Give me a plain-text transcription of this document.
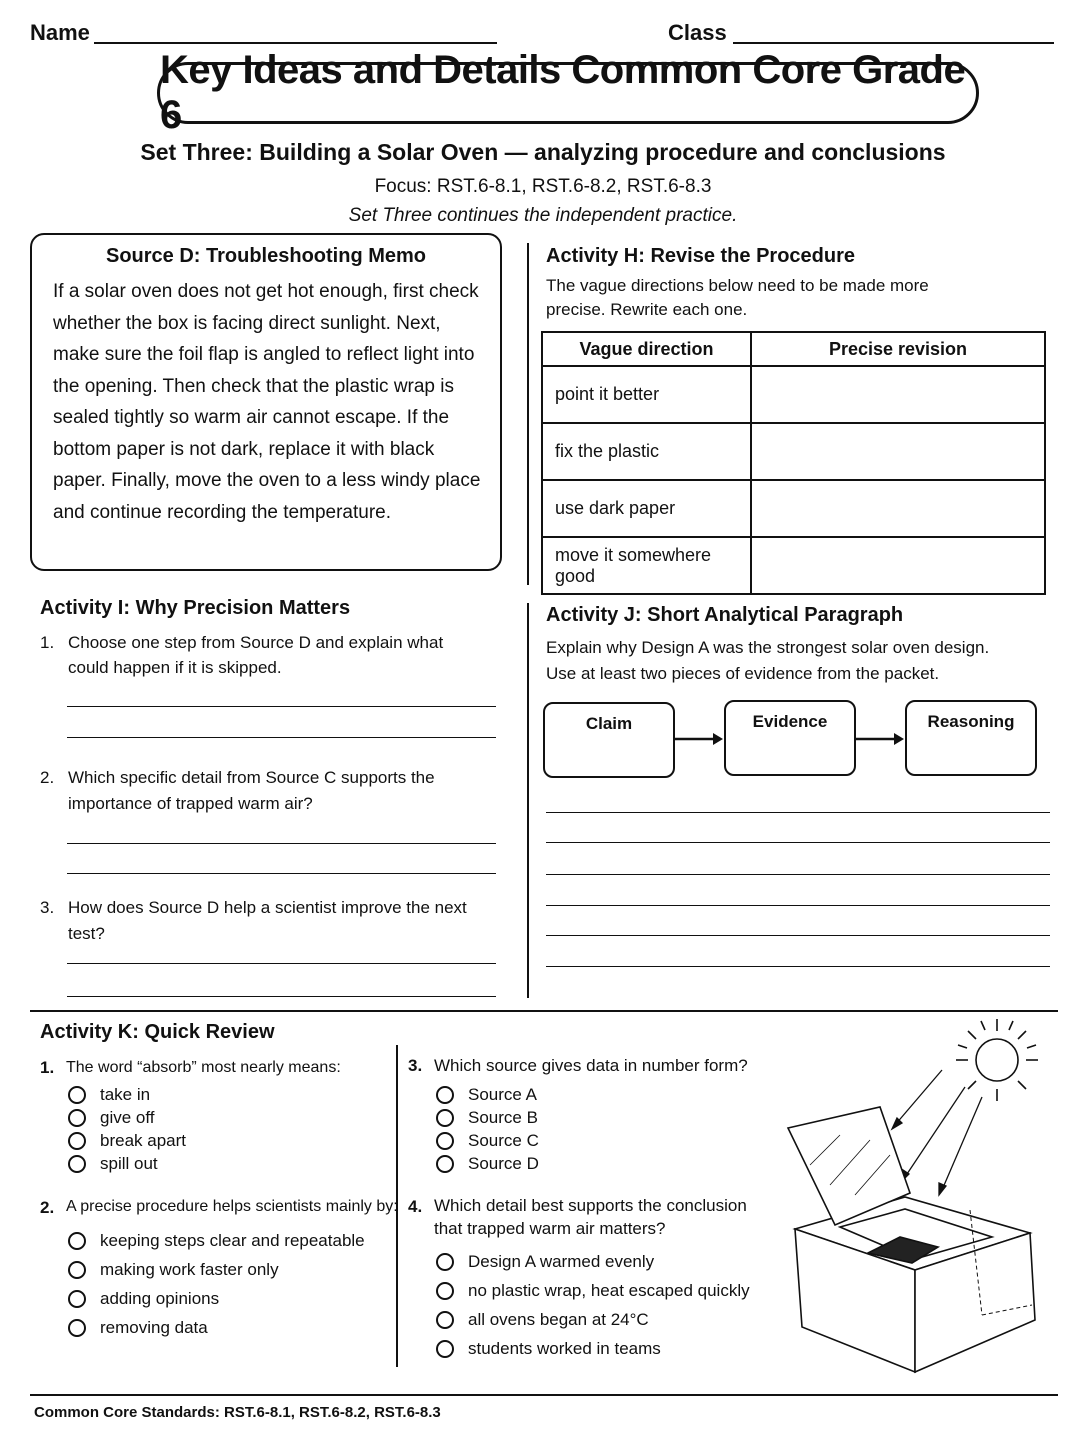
Name	Class
Key Ideas and Details Common Core Grade 6
Set Three: Building a Solar Oven — analyzing procedure and conclusions
Focus: RST.6-8.1, RST.6-8.2, RST.6-8.3
Set Three continues the independent practice.
Source D: Troubleshooting Memo

If a solar oven does not get hot enough, first check whether the box is facing direct sunlight. Next, make sure the foil flap is angled to reflect light into the opening. Then check that the plastic wrap is sealed tightly so warm air cannot escape. If the bottom paper is not dark, replace it with black paper. Finally, move the oven to a less windy place and continue recording the temperature.

Activity H: Revise the Procedure
The vague directions below need to be made more precise. Rewrite each one.
Vague direction	Precise revision
point it better	
fix the plastic	
use dark paper	
move it somewhere good	
Activity I: Why Precision Matters
1. Choose one step from Source D and explain what could happen if it is skipped.
2. Which specific detail from Source C supports the importance of trapped warm air?
3. How does Source D help a scientist improve the next test?
Activity J: Short Analytical Paragraph
Explain why Design A was the strongest solar oven design. Use at least two pieces of evidence from the packet.
Claim	Evidence	Reasoning
Activity K: Quick Review
1. The word “absorb” most nearly means:
take in
give off
break apart
spill out
2. A precise procedure helps scientists mainly by:
keeping steps clear and repeatable
making work faster only
adding opinions
removing data
3. Which source gives data in number form?
Source A
Source B
Source C
Source D
4. Which detail best supports the conclusion that trapped warm air matters?
Design A warmed evenly
no plastic wrap, heat escaped quickly
all ovens began at 24°C
students worked in teams
Common Core Standards: RST.6-8.1, RST.6-8.2, RST.6-8.3
